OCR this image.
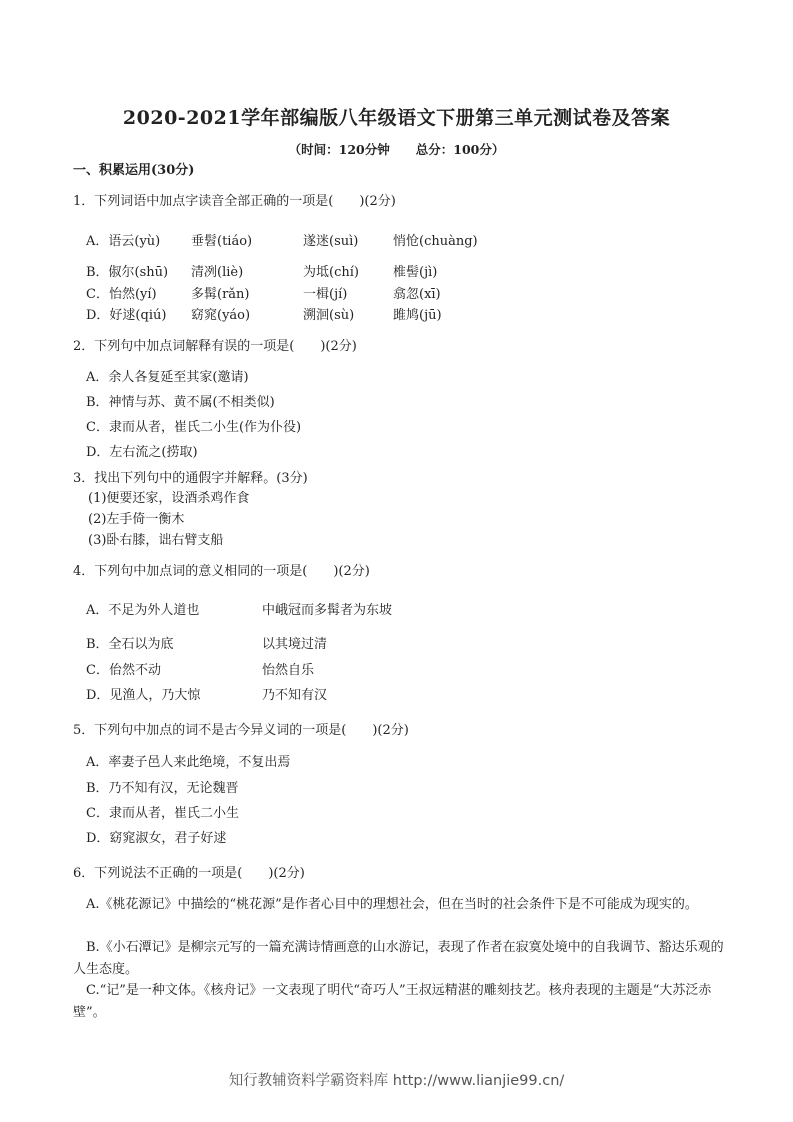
2020-2021学年部编版八年级语文下册第三单元测试卷及答案
（时间：120分钟 总分：100分）
一、积累运用(30分)
1．下列词语中加点字读音全部正确的一项是(　　)(2分)
A．语云(yù) 垂髫(tiáo)	遂迷(suì)	悄怆(chuàng)
B．俶尔(shū) 清冽(liè)	为坻(chí)	椎髻(jì)
C．怡然(yí)	多髯(rǎn)	一楫(jí)	翕忽(xī)
D．好逑(qiú) 窈窕(yáo)	溯洄(sù)	雎鸠(jū)
2．下列句中加点词解释有误的一项是(　　)(2分)
A．余人各复延至其家(邀请)
B．神情与苏、黄不属(不相类似)
C．隶而从者，崔氏二小生(作为仆役)
D．左右流之(捞取)
3．找出下列句中的通假字并解释。(3分)
(1)便要还家，设酒杀鸡作食
(2)左手倚一衡木
(3)卧右膝，诎右臂支船
4．下列句中加点词的意义相同的一项是(　　)(2分)
A．不足为外人道也	中峨冠而多髯者为东坡
B．全石以为底	以其境过清
C．佁然不动	怡然自乐
D．见渔人，乃大惊	乃不知有汉
5．下列句中加点的词不是古今异义词的一项是(　　)(2分)
A．率妻子邑人来此绝境，不复出焉
B．乃不知有汉，无论魏晋
C．隶而从者，崔氏二小生
D．窈窕淑女，君子好逑
6．下列说法不正确的一项是(　　)(2分)
A.《桃花源记》中描绘的“桃花源”是作者心目中的理想社会，但在当时的社会条件下是不可能成为现实的。
B.《小石潭记》是柳宗元写的一篇充满诗情画意的山水游记，表现了作者在寂寞处境中的自我调节、豁达乐观的人生态度。
C.“记”是一种文体。《核舟记》一文表现了明代“奇巧人”王叔远精湛的雕刻技艺。核舟表现的主题是“大苏泛赤壁”。
知行教辅资料学霸资料库 http://www.lianjie99.cn/
